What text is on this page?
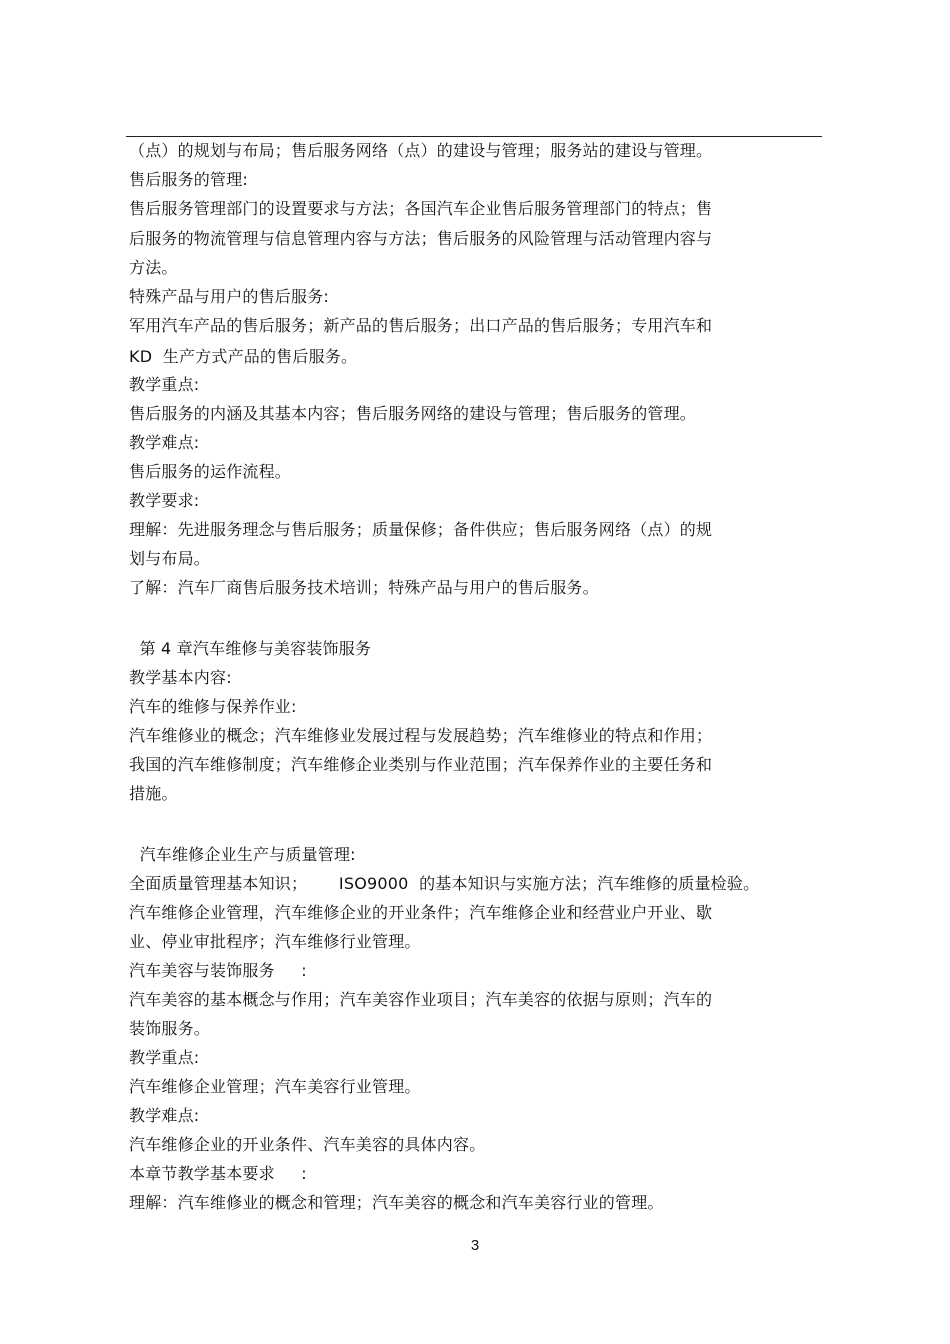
（点）的规划与布局；售后服务网络（点）的建设与管理；服务站的建设与管理。

售后服务的管理:

售后服务管理部门的设置要求与方法；各国汽车企业售后服务管理部门的特点；售

后服务的物流管理与信息管理内容与方法；售后服务的风险管理与活动管理内容与

方法。

特殊产品与用户的售后服务:

军用汽车产品的售后服务；新产品的售后服务；出口产品的售后服务；专用汽车和

KD  生产方式产品的售后服务。

教学重点:

售后服务的内涵及其基本内容；售后服务网络的建设与管理；售后服务的管理。

教学难点:

售后服务的运作流程。

教学要求:

理解：先进服务理念与售后服务；质量保修；备件供应；售后服务网络（点）的规

划与布局。

了解：汽车厂商售后服务技术培训；特殊产品与用户的售后服务。

第 4 章汽车维修与美容装饰服务

教学基本内容:

汽车的维修与保养作业:

汽车维修业的概念；汽车维修业发展过程与发展趋势；汽车维修业的特点和作用；

我国的汽车维修制度；汽车维修企业类别与作业范围；汽车保养作业的主要任务和

措施。

汽车维修企业生产与质量管理:

全面质量管理基本知识；      ISO9000  的基本知识与实施方法；汽车维修的质量检验。

汽车维修企业管理，汽车维修企业的开业条件；汽车维修企业和经营业户开业、歇

业、停业审批程序；汽车维修行业管理。

汽车美容与装饰服务     :

汽车美容的基本概念与作用；汽车美容作业项目；汽车美容的依据与原则；汽车的

装饰服务。

教学重点:

汽车维修企业管理；汽车美容行业管理。

教学难点:

汽车维修企业的开业条件、汽车美容的具体内容。

本章节教学基本要求     :

理解：汽车维修业的概念和管理；汽车美容的概念和汽车美容行业的管理。

3
